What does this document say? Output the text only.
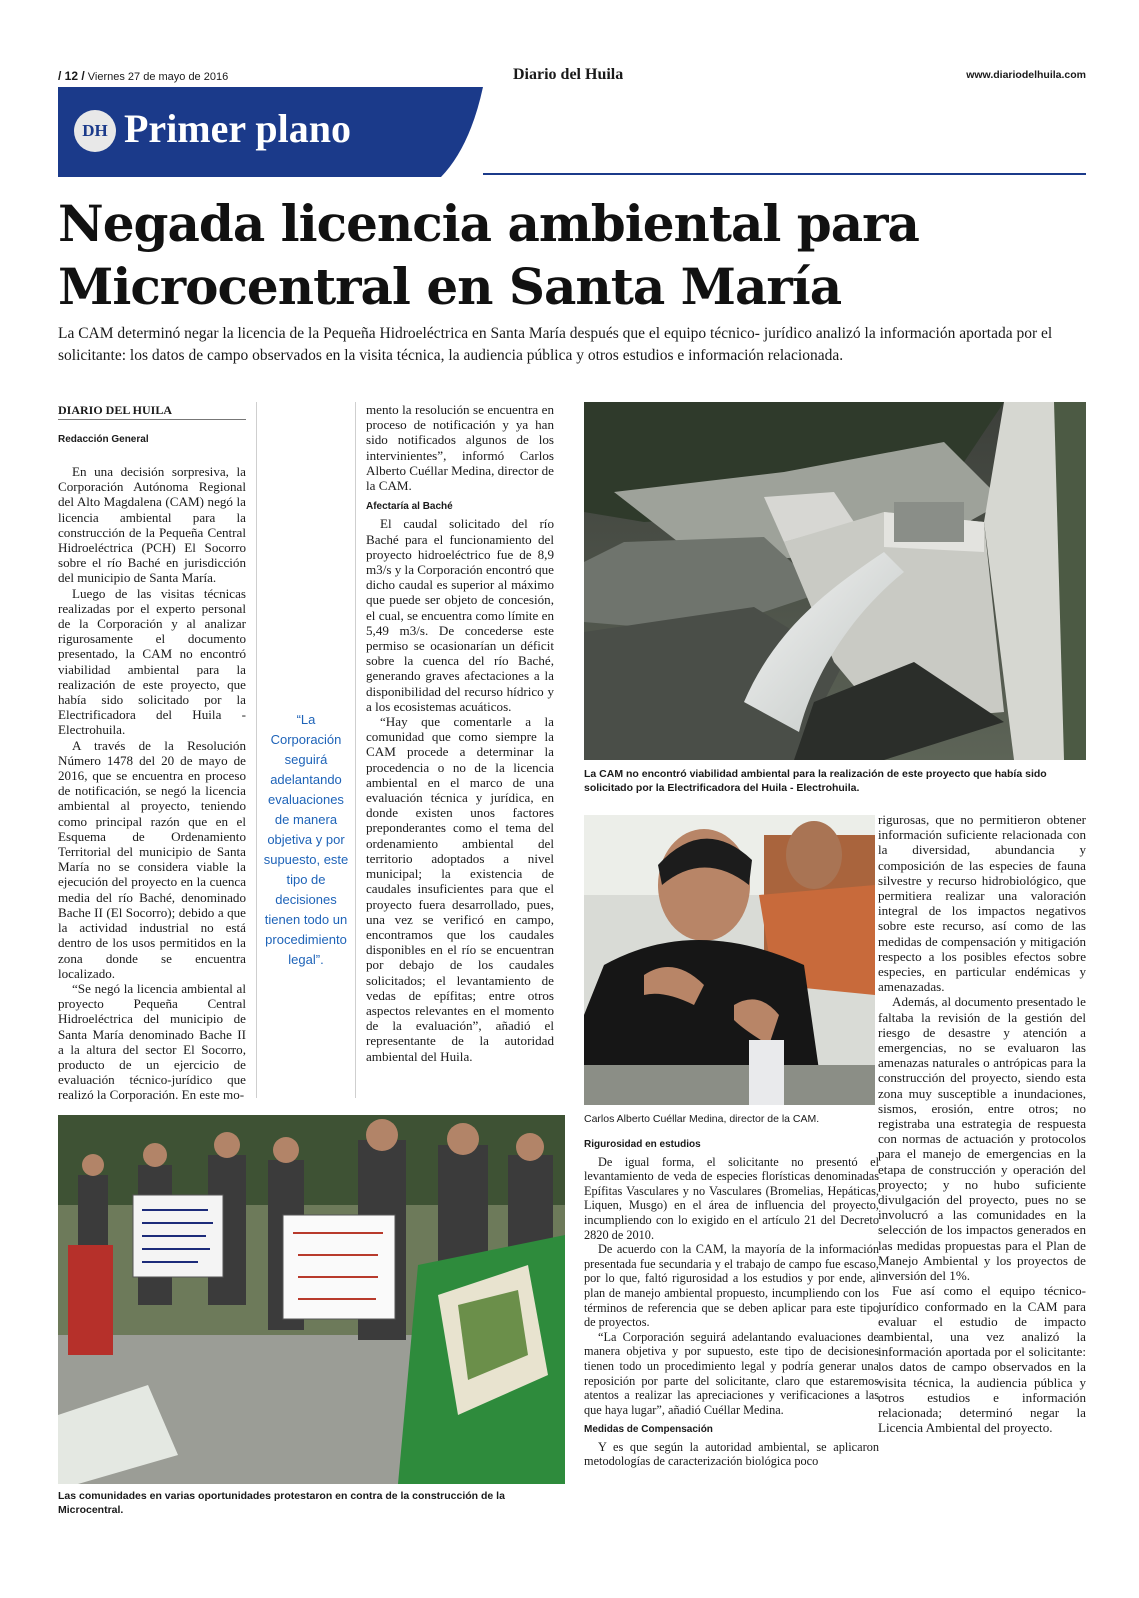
/ 12 / Viernes 27 de mayo de 2016	Diario del Huila	www.diariodelhuila.com
DH Primer plano
Negada licencia ambiental para Microcentral en Santa María
La CAM determinó negar la licencia de la Pequeña Hidroeléctrica en Santa María después que el equipo técnico- jurídico analizó la información aportada por el solicitante: los datos de campo observados en la visita técnica, la audiencia pública y otros estudios e información relacionada.
DIARIO DEL HUILA
Redacción General

En una decisión sorpresiva, la Corporación Autónoma Regional del Alto Magdalena (CAM) negó la licencia ambiental para la construcción de la Pequeña Central Hidroeléctrica (PCH) El Socorro sobre el río Baché en jurisdicción del municipio de Santa María.

Luego de las visitas técnicas realizadas por el experto personal de la Corporación y al analizar rigurosamente el documento presentado, la CAM no encontró viabilidad ambiental para la realización de este proyecto, que había sido solicitado por la Electrificadora del Huila - Electrohuila.

A través de la Resolución Número 1478 del 20 de mayo de 2016, que se encuentra en proceso de notificación, se negó la licencia ambiental al proyecto, teniendo como principal razón que en el Esquema de Ordenamiento Territorial del municipio de Santa María no se considera viable la ejecución del proyecto en la cuenca media del río Baché, denominado Bache II (El Socorro); debido a que la actividad industrial no está dentro de los usos permitidos en la zona donde se encuentra localizado.

“Se negó la licencia ambiental al proyecto Pequeña Central Hidroeléctrica del municipio de Santa María denominado Bache II a la altura del sector El Socorro, producto de un ejercicio de evaluación técnico-jurídico que realizó la Corporación. En este mo-

“La Corporación seguirá adelantando evaluaciones de manera objetiva y por supuesto, este tipo de decisiones tienen todo un procedimiento legal”.

mento la resolución se encuentra en proceso de notificación y ya han sido notificados algunos de los intervinientes”, informó Carlos Alberto Cuéllar Medina, director de la CAM.

Afectaría al Baché

El caudal solicitado del río Baché para el funcionamiento del proyecto hidroeléctrico fue de 8,9 m3/s y la Corporación encontró que dicho caudal es superior al máximo que puede ser objeto de concesión, el cual, se encuentra como límite en 5,49 m3/s. De concederse este permiso se ocasionarían un déficit sobre la cuenca del río Baché, generando graves afectaciones a la disponibilidad del recurso hídrico y a los ecosistemas acuáticos.

“Hay que comentarle a la comunidad que como siempre la CAM procede a determinar la procedencia o no de la licencia ambiental en el marco de una evaluación técnica y jurídica, en donde existen unos factores preponderantes como el tema del ordenamiento ambiental del territorio adoptados a nivel municipal; la existencia de caudales insuficientes para que el proyecto fuera desarrollado, pues, una vez se verificó en campo, encontramos que los caudales disponibles en el río se encuentran por debajo de los caudales solicitados; el levantamiento de vedas de epífitas; entre otros aspectos relevantes en el momento de la evaluación”, añadió el representante de la autoridad ambiental del Huila.

La CAM no encontró viabilidad ambiental para la realización de este proyecto que había sido solicitado por la Electrificadora del Huila - Electrohuila.
Carlos Alberto Cuéllar Medina, director de la CAM.
Las comunidades en varias oportunidades protestaron en contra de la construcción de la Microcentral.
Rigurosidad en estudios

De igual forma, el solicitante no presentó el levantamiento de veda de especies florísticas denominadas Epífitas Vasculares y no Vasculares (Bromelias, Hepáticas, Liquen, Musgo) en el área de influencia del proyecto, incumpliendo con lo exigido en el artículo 21 del Decreto 2820 de 2010.

De acuerdo con la CAM, la mayoría de la información presentada fue secundaria y el trabajo de campo fue escaso, por lo que, faltó rigurosidad a los estudios y por ende, al plan de manejo ambiental propuesto, incumpliendo con los términos de referencia que se deben aplicar para este tipo de proyectos.

“La Corporación seguirá adelantando evaluaciones de manera objetiva y por supuesto, este tipo de decisiones tienen todo un procedimiento legal y podría generar una reposición por parte del solicitante, claro que estaremos atentos a realizar las apreciaciones y verificaciones a las que haya lugar”, añadió Cuéllar Medina.

Medidas de Compensación

Y es que según la autoridad ambiental, se aplicaron metodologías de caracterización biológica poco

rigurosas, que no permitieron obtener información suficiente relacionada con la diversidad, abundancia y composición de las especies de fauna silvestre y recurso hidrobiológico, que permitiera realizar una valoración integral de los impactos negativos sobre este recurso, así como de las medidas de compensación y mitigación respecto a los posibles efectos sobre especies, en particular endémicas y amenazadas.

Además, al documento presentado le faltaba la revisión de la gestión del riesgo de desastre y atención a emergencias, no se evaluaron las amenazas naturales o antrópicas para la construcción del proyecto, siendo esta zona muy susceptible a inundaciones, sismos, erosión, entre otros; no registraba una estrategia de respuesta con normas de actuación y protocolos para el manejo de emergencias en la etapa de construcción y operación del proyecto; y no hubo suficiente divulgación del proyecto, pues no se involucró a las comunidades en la selección de los impactos generados en las medidas propuestas para el Plan de Manejo Ambiental y los proyectos de inversión del 1%.

Fue así como el equipo técnico- jurídico conformado en la CAM para evaluar el estudio de impacto ambiental, una vez analizó la información aportada por el solicitante: los datos de campo observados en la visita técnica, la audiencia pública y otros estudios e información relacionada; determinó negar la Licencia Ambiental del proyecto.
